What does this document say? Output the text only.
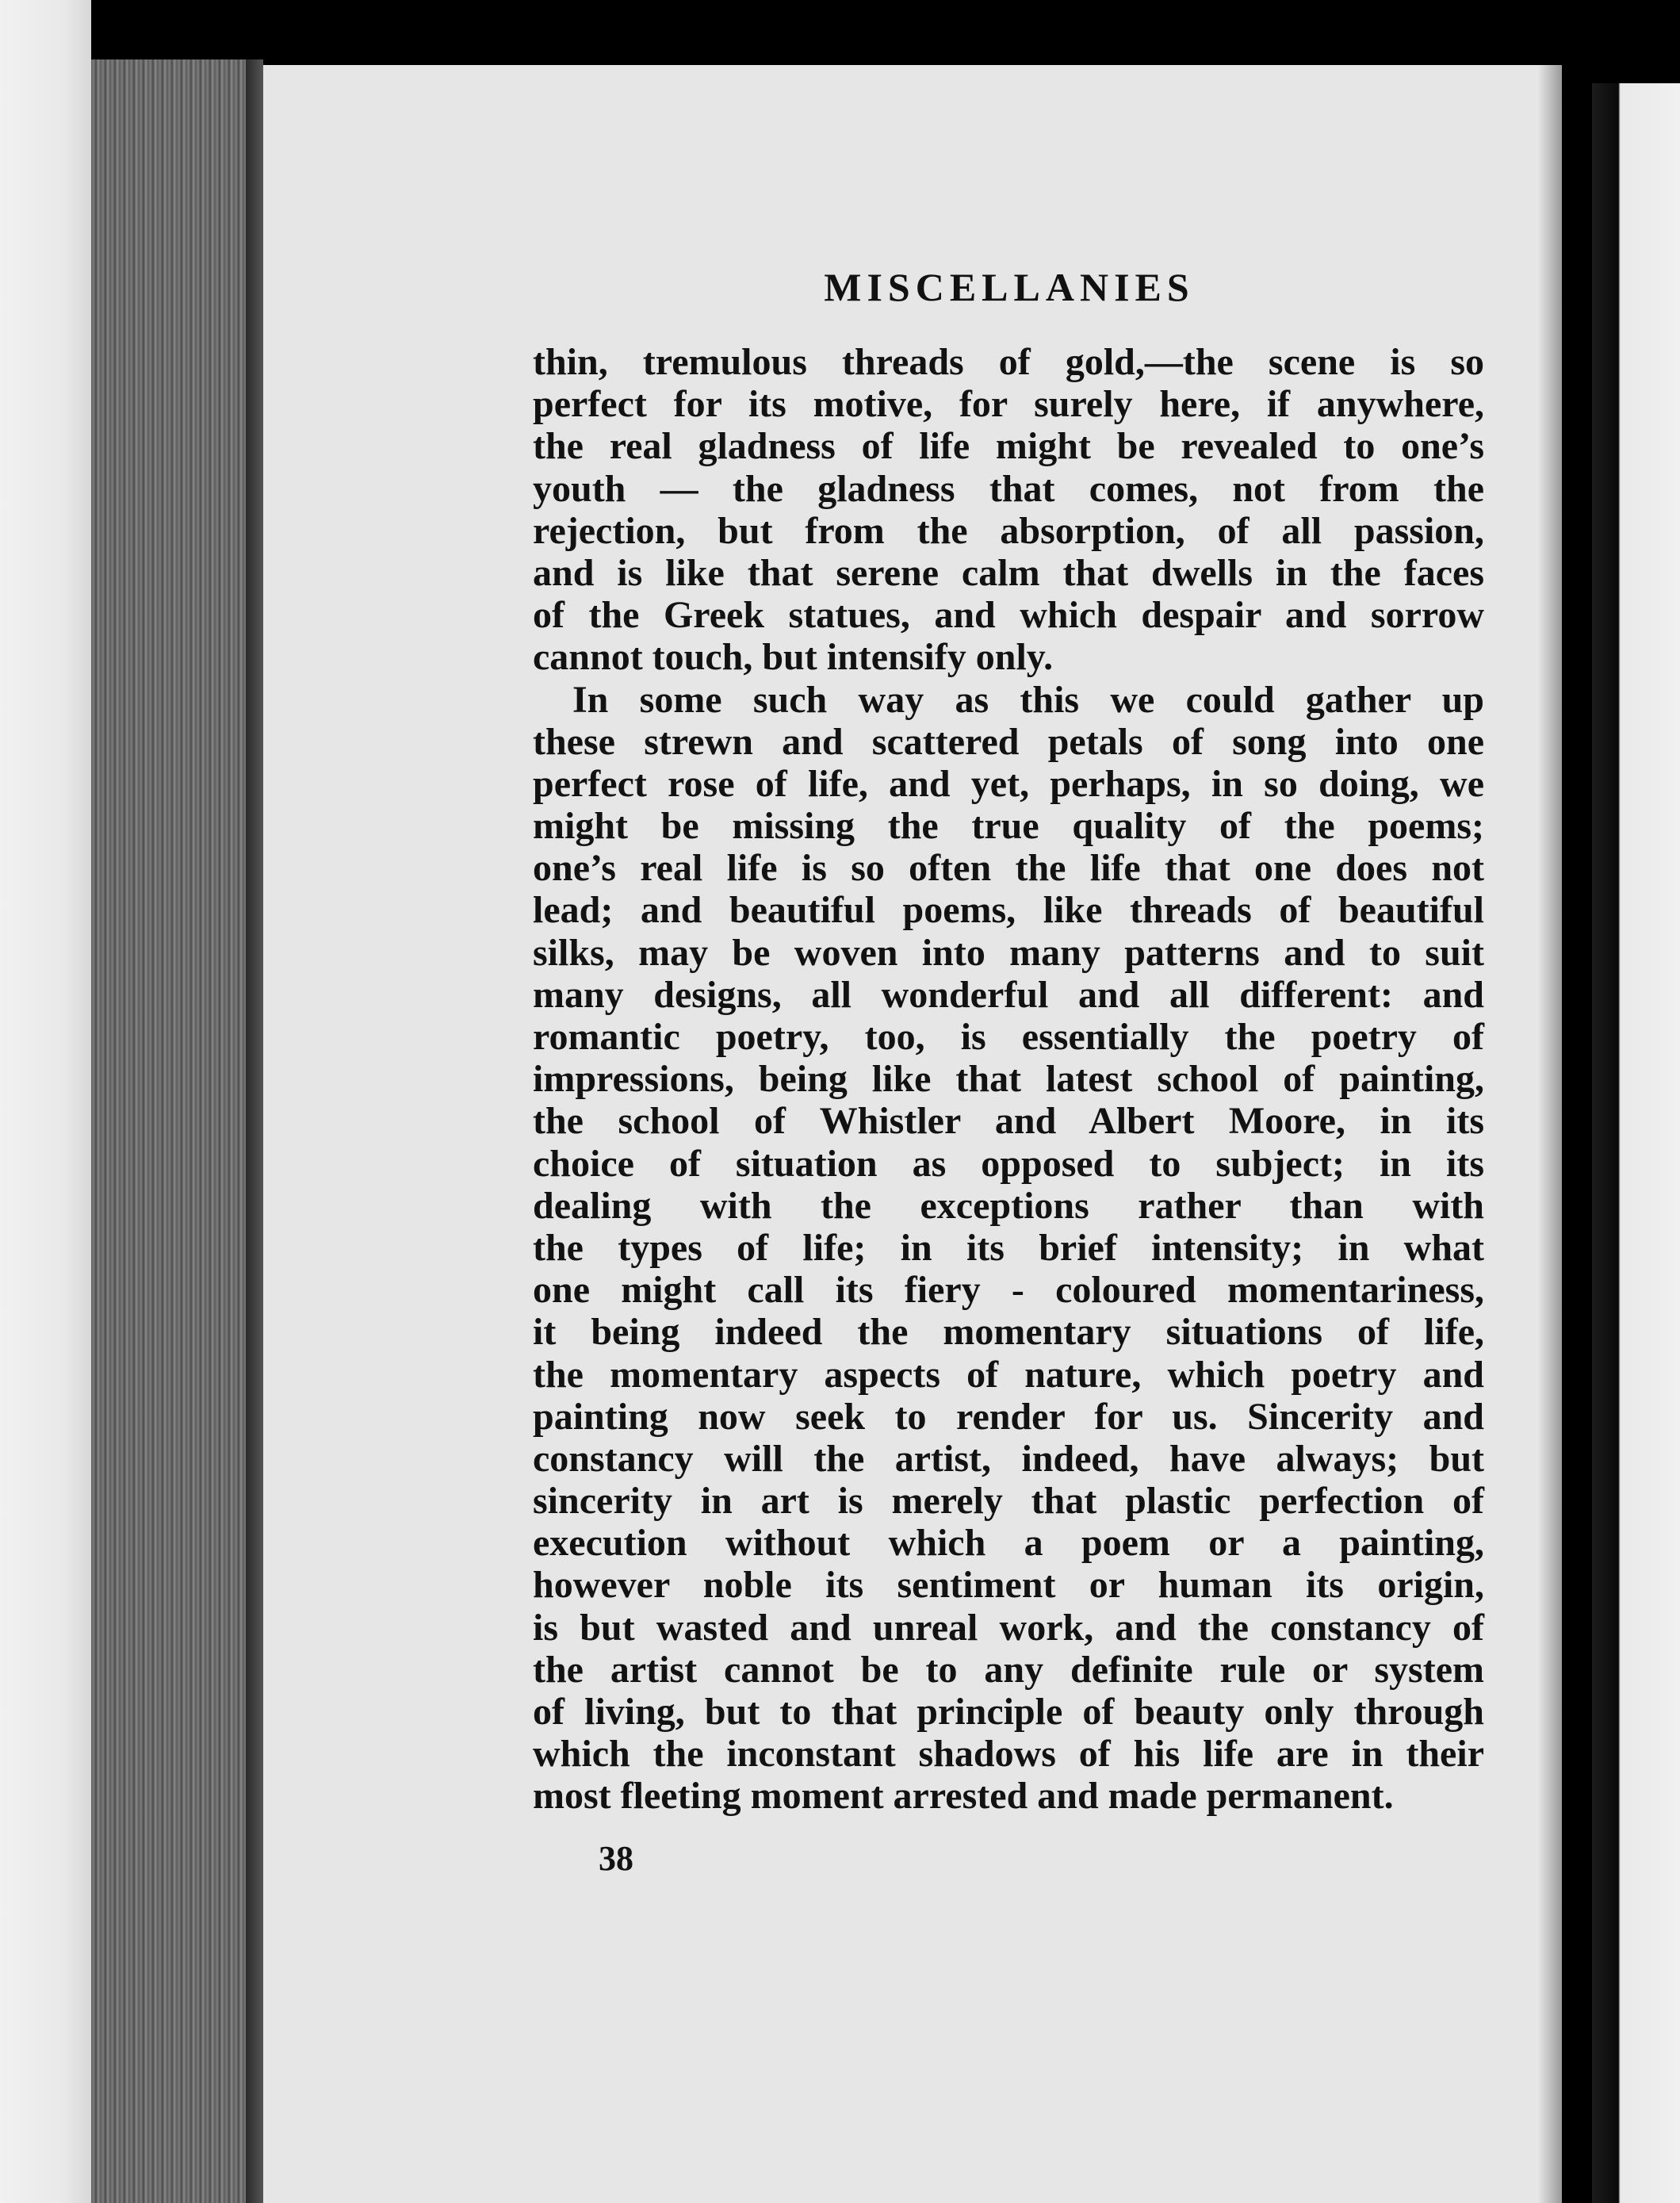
MISCELLANIES
thin, tremulous threads of gold,—the scene is so
perfect for its motive, for surely here, if anywhere,
the real gladness of life might be revealed to one’s
youth — the gladness that comes, not from the
rejection, but from the absorption, of all passion,
and is like that serene calm that dwells in the faces
of the Greek statues, and which despair and sorrow
cannot touch, but intensify only.
In some such way as this we could gather up
these strewn and scattered petals of song into one
perfect rose of life, and yet, perhaps, in so doing, we
might be missing the true quality of the poems;
one’s real life is so often the life that one does not
lead; and beautiful poems, like threads of beautiful
silks, may be woven into many patterns and to suit
many designs, all wonderful and all different: and
romantic poetry, too, is essentially the poetry of
impressions, being like that latest school of painting,
the school of Whistler and Albert Moore, in its
choice of situation as opposed to subject; in its
dealing with the exceptions rather than with
the types of life; in its brief intensity; in what
one might call its fiery - coloured momentariness,
it being indeed the momentary situations of life,
the momentary aspects of nature, which poetry and
painting now seek to render for us. Sincerity and
constancy will the artist, indeed, have always; but
sincerity in art is merely that plastic perfection of
execution without which a poem or a painting,
however noble its sentiment or human its origin,
is but wasted and unreal work, and the constancy of
the artist cannot be to any definite rule or system
of living, but to that principle of beauty only through
which the inconstant shadows of his life are in their
most fleeting moment arrested and made permanent.
38
